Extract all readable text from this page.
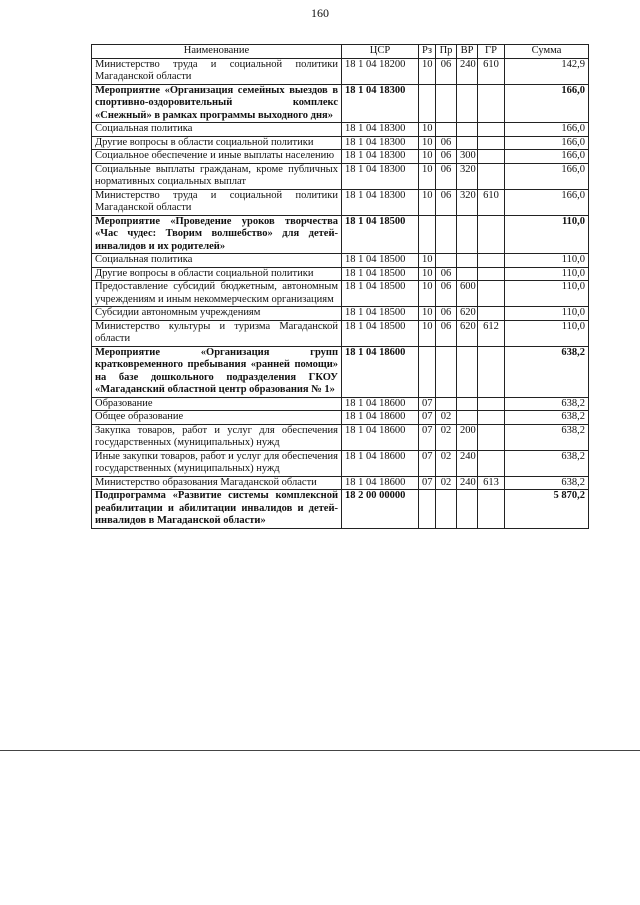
160
Наименование	ЦСР	Рз	Пр	ВР	ГР	Сумма
Министерство труда и социальной политики Магаданской области	18 1 04 18200	10	06	240	610	142,9
Мероприятие «Организация семейных выездов в спортивно-оздоровительный комплекс «Снежный» в рамках программы выходного дня»	18 1 04 18300					166,0
Социальная политика	18 1 04 18300	10				166,0
Другие вопросы в области социальной политики	18 1 04 18300	10	06			166,0
Социальное обеспечение и иные выплаты населению	18 1 04 18300	10	06	300		166,0
Социальные выплаты гражданам, кроме публичных нормативных социальных выплат	18 1 04 18300	10	06	320		166,0
Министерство труда и социальной политики Магаданской области	18 1 04 18300	10	06	320	610	166,0
Мероприятие «Проведение уроков творчества «Час чудес: Творим волшебство» для детей-инвалидов и их родителей»	18 1 04 18500					110,0
Социальная политика	18 1 04 18500	10				110,0
Другие вопросы в области социальной политики	18 1 04 18500	10	06			110,0
Предоставление субсидий бюджетным, автономным учреждениям и иным некоммерческим организациям	18 1 04 18500	10	06	600		110,0
Субсидии автономным учреждениям	18 1 04 18500	10	06	620		110,0
Министерство культуры и туризма Магаданской области	18 1 04 18500	10	06	620	612	110,0
Мероприятие «Организация групп кратковременного пребывания «ранней помощи» на базе дошкольного подразделения ГКОУ «Магаданский областной центр образования № 1»	18 1 04 18600					638,2
Образование	18 1 04 18600	07				638,2
Общее образование	18 1 04 18600	07	02			638,2
Закупка товаров, работ и услуг для обеспечения государственных (муниципальных) нужд	18 1 04 18600	07	02	200		638,2
Иные закупки товаров, работ и услуг для обеспечения государственных (муниципальных) нужд	18 1 04 18600	07	02	240		638,2
Министерство образования Магаданской области	18 1 04 18600	07	02	240	613	638,2
Подпрограмма «Развитие системы комплексной реабилитации и абилитации инвалидов и детей-инвалидов в Магаданской области»	18 2 00 00000					5 870,2
